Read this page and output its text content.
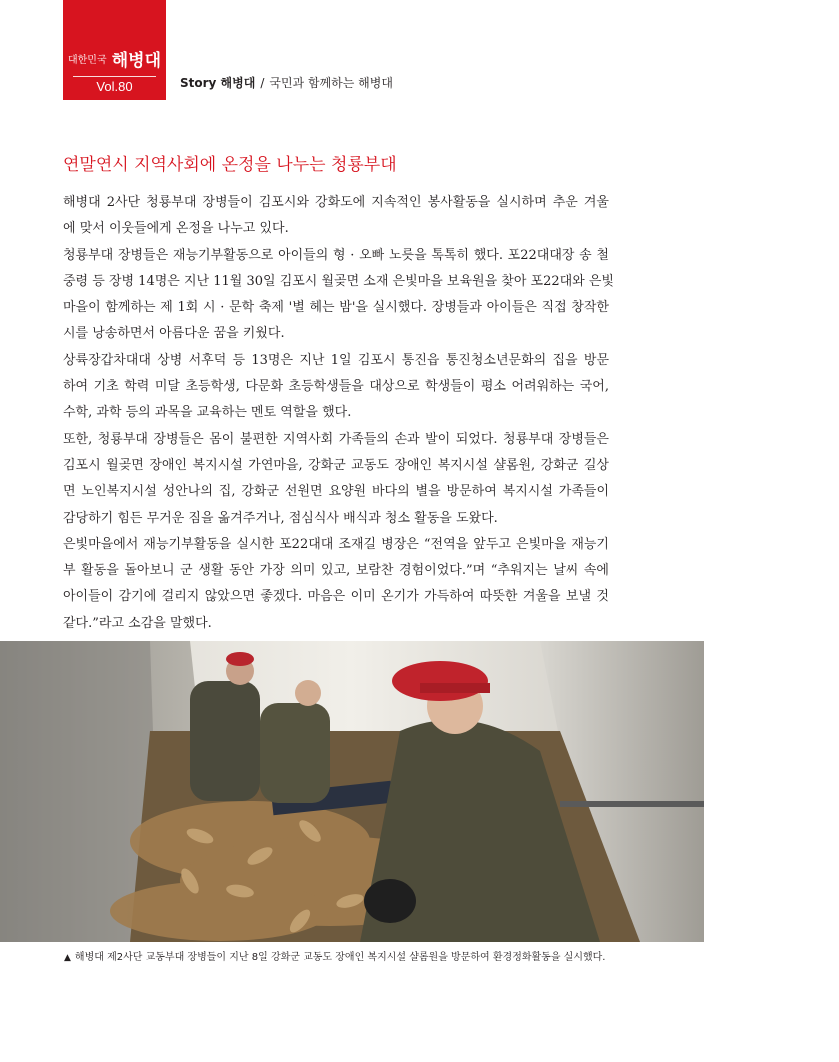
대한민국 해병대
Vol.80	Story 해병대 / 국민과 함께하는 해병대
연말연시 지역사회에 온정을 나누는 청룡부대

해병대 2사단 청룡부대 장병들이 김포시와 강화도에 지속적인 봉사활동을 실시하며 추운 겨울
에 맞서 이웃들에게 온정을 나누고 있다.

청룡부대 장병들은 재능기부활동으로 아이들의 형 · 오빠 노릇을 톡톡히 했다. 포22대대장 송 철
중령 등 장병 14명은 지난 11월 30일 김포시 월곶면 소재 은빛마을 보육원을 찾아 포22대와 은빛
마을이 함께하는 제 1회 시 · 문학 축제 '별 헤는 밤'을 실시했다. 장병들과 아이들은 직접 창작한
시를 낭송하면서 아름다운 꿈을 키웠다.

상륙장갑차대대 상병 서후덕 등 13명은 지난 1일 김포시 통진읍 통진청소년문화의 집을 방문
하여 기초 학력 미달 초등학생, 다문화 초등학생들을 대상으로 학생들이 평소 어려워하는 국어,
수학, 과학 등의 과목을 교육하는 멘토 역할을 했다.

또한, 청룡부대 장병들은 몸이 불편한 지역사회 가족들의 손과 발이 되었다. 청룡부대 장병들은
김포시 월곶면 장애인 복지시설 가연마을, 강화군 교동도 장애인 복지시설 샬롬원, 강화군 길상
면 노인복지시설 성안나의 집, 강화군 선원면 요양원 바다의 별을 방문하여 복지시설 가족들이
감당하기 힘든 무거운 짐을 옮겨주거나, 점심식사 배식과 청소 활동을 도왔다.

은빛마을에서 재능기부활동을 실시한 포22대대 조재길 병장은 “전역을 앞두고 은빛마을 재능기
부 활동을 돌아보니 군 생활 동안 가장 의미 있고, 보람찬 경험이었다.”며 “추워지는 날씨 속에
아이들이 감기에 걸리지 않았으면 좋겠다. 마음은 이미 온기가 가득하여 따뜻한 겨울을 보낼 것
같다.”라고 소감을 말했다.

▲ 해병대 제2사단 교동부대 장병들이 지난 8일 강화군 교동도 장애인 복지시설 샬롬원을 방문하여 환경정화활동을 실시했다.
